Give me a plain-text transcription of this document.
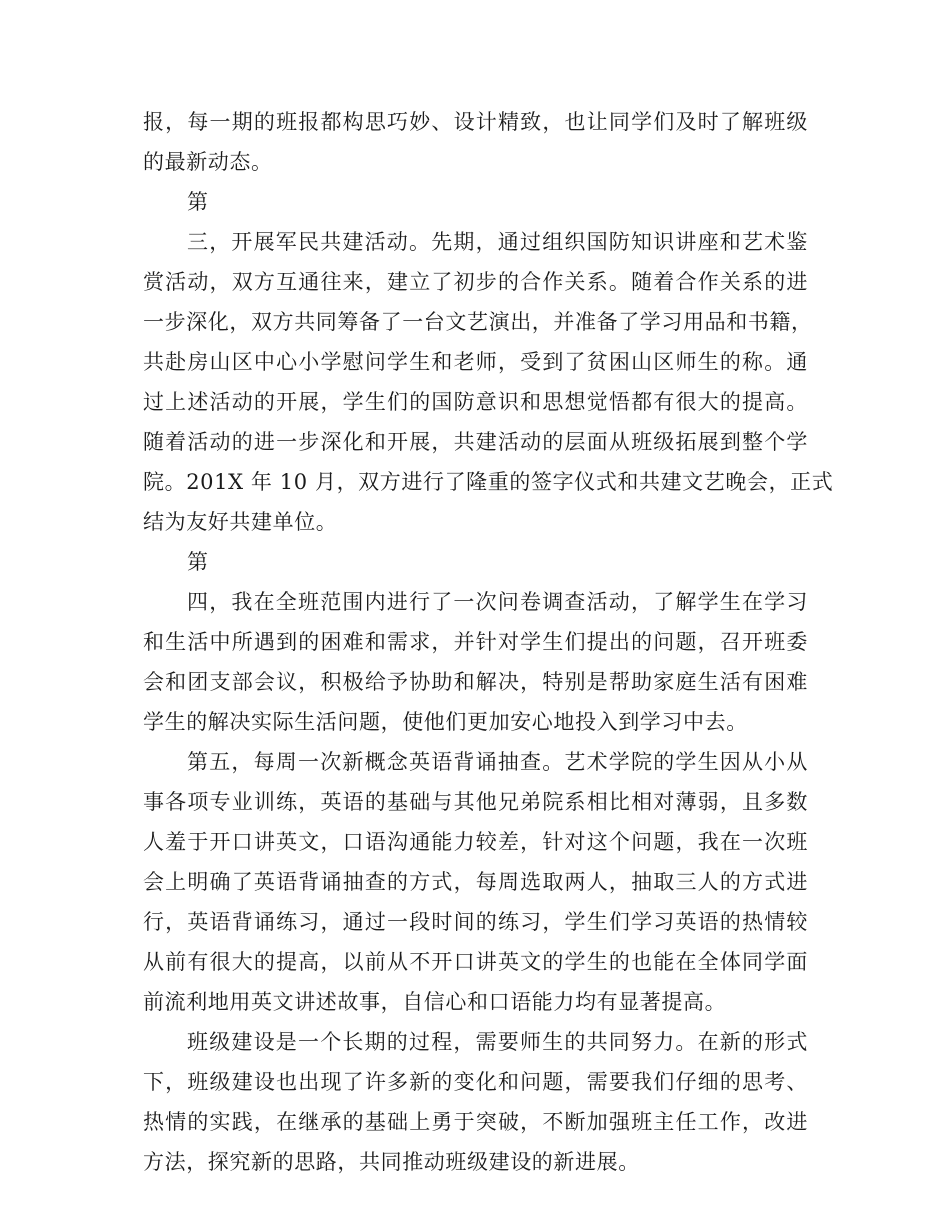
报，每一期的班报都构思巧妙、设计精致，也让同学们及时了解班级
的最新动态。
第
三，开展军民共建活动。先期，通过组织国防知识讲座和艺术鉴
赏活动，双方互通往来，建立了初步的合作关系。随着合作关系的进
一步深化，双方共同筹备了一台文艺演出，并准备了学习用品和书籍，
共赴房山区中心小学慰问学生和老师，受到了贫困山区师生的称。通
过上述活动的开展，学生们的国防意识和思想觉悟都有很大的提高。
随着活动的进一步深化和开展，共建活动的层面从班级拓展到整个学
院。201X 年 10 月，双方进行了隆重的签字仪式和共建文艺晚会，正式
结为友好共建单位。
第
四，我在全班范围内进行了一次问卷调查活动，了解学生在学习
和生活中所遇到的困难和需求，并针对学生们提出的问题，召开班委
会和团支部会议，积极给予协助和解决，特别是帮助家庭生活有困难
学生的解决实际生活问题，使他们更加安心地投入到学习中去。
第五，每周一次新概念英语背诵抽查。艺术学院的学生因从小从
事各项专业训练，英语的基础与其他兄弟院系相比相对薄弱，且多数
人羞于开口讲英文，口语沟通能力较差，针对这个问题，我在一次班
会上明确了英语背诵抽查的方式，每周选取两人，抽取三人的方式进
行，英语背诵练习，通过一段时间的练习，学生们学习英语的热情较
从前有很大的提高，以前从不开口讲英文的学生的也能在全体同学面
前流利地用英文讲述故事，自信心和口语能力均有显著提高。
班级建设是一个长期的过程，需要师生的共同努力。在新的形式
下，班级建设也出现了许多新的变化和问题，需要我们仔细的思考、
热情的实践，在继承的基础上勇于突破，不断加强班主任工作，改进
方法，探究新的思路，共同推动班级建设的新进展。
